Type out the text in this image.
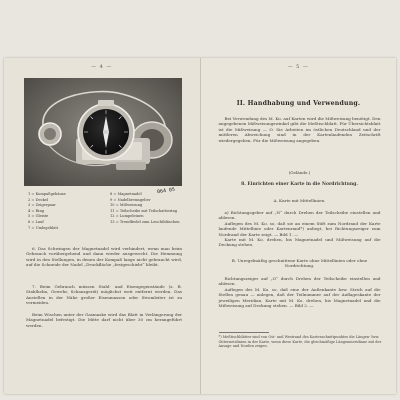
— 4 —
064 05
1 = Kompaßgehäuse	8 = Magnetnadel
2 = Deckel	9 = Nadelbremsgeber
3 = Zeigerpaar	10 = Mißweisung
4 = Ring	11 = Teilscheibe mit Teilschattiering
5 = Gleiste	12 = Lumpeleinen
6 = Lauf	13 = Trendfiedel zum Leuchtbläschen
7 = Umlegeblatt

6. Das Schwingen der Magnetnadel wird verhindert, wenn man beim Gebrauch vorübergehend und dann wieder ausgewecht. Die Hemmung wird in den Stellungen, in denen der Kompaß lange nicht gebraucht wird, auf die Schneide der Nadel „Druckfläche „festgeschiebt“ bleibt.

7. Beim Gebrauch müssen Stahl- und Eisengegenstände (z. B. Stahlhelm, Gewehr, Schanzgerät) möglichst weit entfernt werden. Das Anstellen in der Nähe großer Eisenmassen oder Stromleiter ist zu vermeiden.

Beim Wischen unter der Gasmaske wird das Blatt in Verlängerung der Magnetnadel befestigt. Die Mitte darf nicht über 30 cm herangeführt werden.

— 5 —
II. Handhabung und Verwendung.

Bei Verwendung des M. Ko. auf Karten wird die Mißweisung benötigt. Den angegebenen Mißweisungswinkel gibt die Meßtischblatt. Für Übersichtsblatt ist die Mißweisung — O. Sie Arbeiten im östlichen Deutschland und der mittleren Abweichung sind in der Kartenlaufenden Zeitschrift wiedergegeben. Für die Mißweisung angegeben.

(Gelände.)

8. Einrichten einer Karte in die Nordrichtung.

A. Karte mit Mittellinien.

a) Richtungsgeber auf „N“ durch Drehen der Teilscheibe einstellen und ablesen.

Auflegen des M. Ko. so, daß sie an einem Stift zum Nordrand der Karte laufende Mittellinie oder Kartenrand*) anliegt, bei Richtungszeiger zum Nordrand der Karte zeigt. — Bild 1. —

Karte mit M. Ko. drehen, bis Magnetnadel und Mißweisung auf die Deckung stehen.

B. Unregelmäßig geschnittene Karte ohne Mittellinien oder ohne Nordrichtung.

Richtungszeiger auf „O“ durch Drehen der Teilscheibe einstellen und ablesen.

Auflegen des M. Ko. so, daß eine der Außenkante bzw. Strich auf die Stellen genau — anlegen, daß der Teilnummer auf der Auflageskante der jeweiligen Meridian. Karte mit M. Ko. drehen, bis Magnetnadel und die Mißweisung auf Deckung stehen. — Bild 2. —

*) Meßtischblätter sind von Ost- und Westrand des Kartenschnittpunktes die Längen- bzw. Gitternetzlinien in der Karte, wenn diese Karte, die gleichmäßige Längenmeridiane mit der Ansage und Norden zeigen.
